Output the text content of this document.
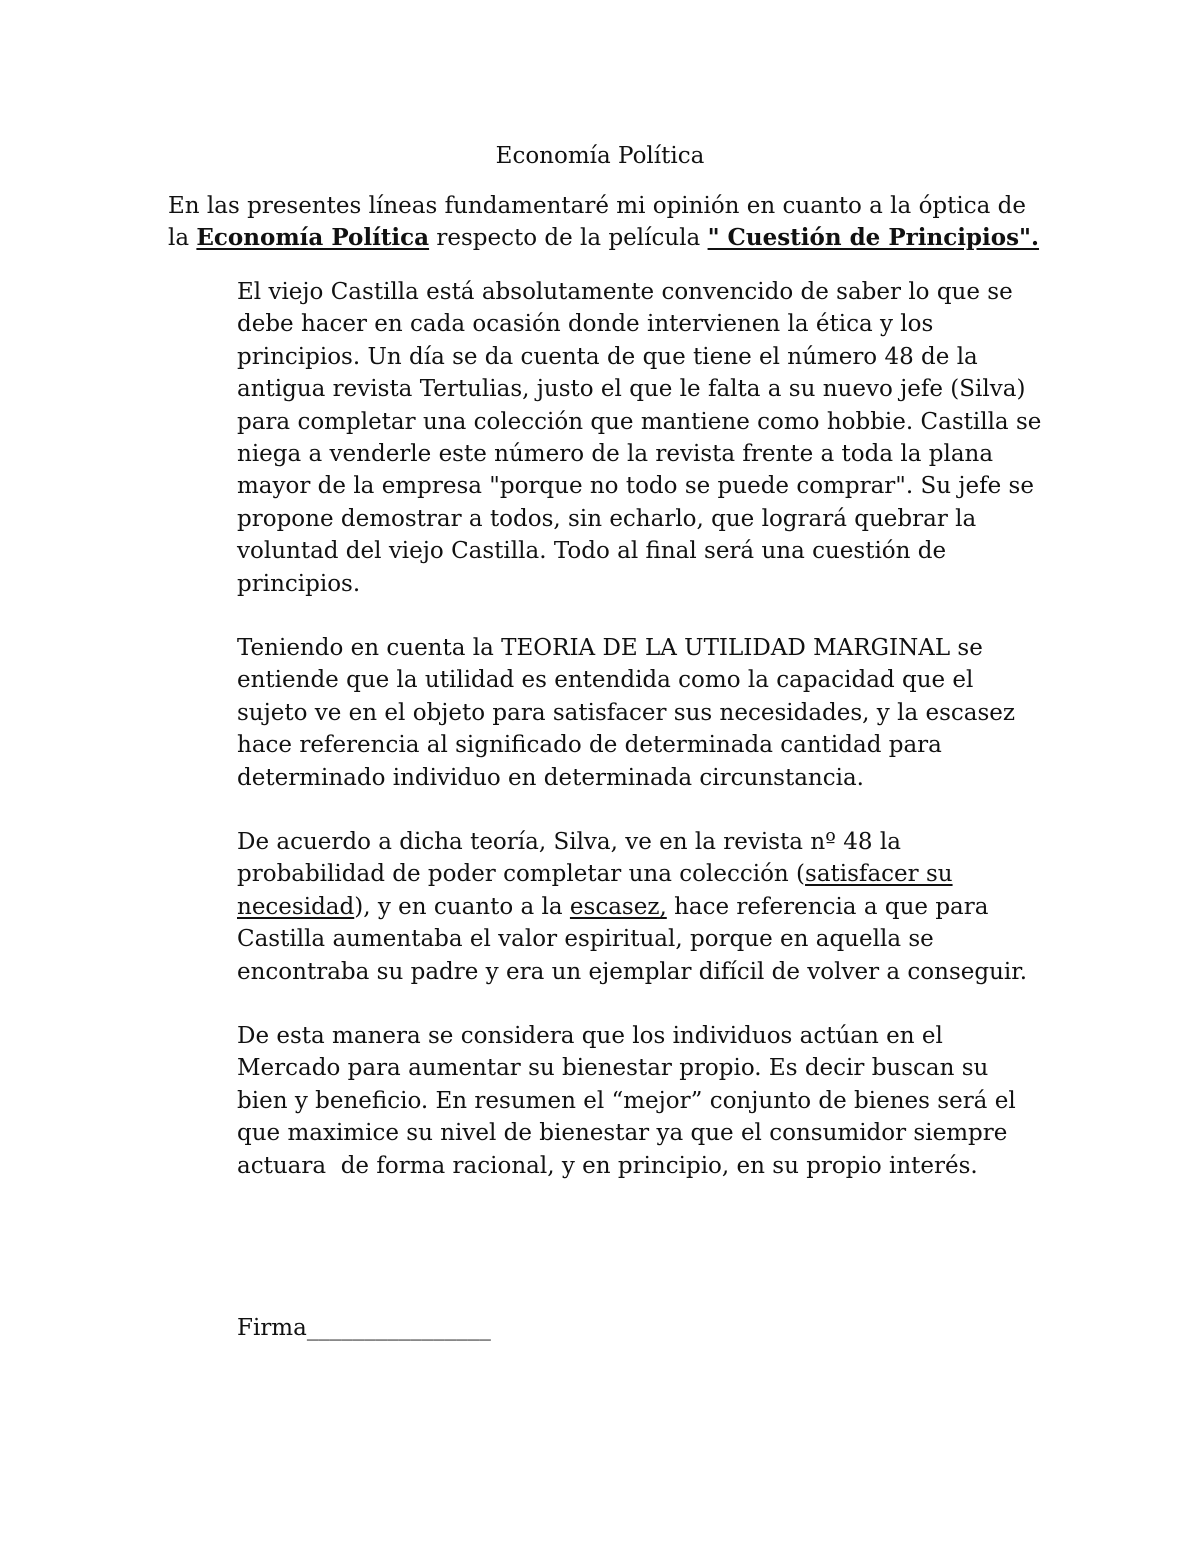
Economía Política
En las presentes líneas fundamentaré mi opinión en cuanto a la óptica de
la Economía Política respecto de la película " Cuestión de Principios".
El viejo Castilla está absolutamente convencido de saber lo que se
debe hacer en cada ocasión donde intervienen la ética y los
principios. Un día se da cuenta de que tiene el número 48 de la
antigua revista Tertulias, justo el que le falta a su nuevo jefe (Silva)
para completar una colección que mantiene como hobbie. Castilla se
niega a venderle este número de la revista frente a toda la plana
mayor de la empresa "porque no todo se puede comprar". Su jefe se
propone demostrar a todos, sin echarlo, que logrará quebrar la
voluntad del viejo Castilla. Todo al final será una cuestión de
principios.
Teniendo en cuenta la TEORIA DE LA UTILIDAD MARGINAL se
entiende que la utilidad es entendida como la capacidad que el
sujeto ve en el objeto para satisfacer sus necesidades, y la escasez
hace referencia al significado de determinada cantidad para
determinado individuo en determinada circunstancia.
De acuerdo a dicha teoría, Silva, ve en la revista nº 48 la
probabilidad de poder completar una colección (satisfacer su
necesidad), y en cuanto a la escasez, hace referencia a que para
Castilla aumentaba el valor espiritual, porque en aquella se
encontraba su padre y era un ejemplar difícil de volver a conseguir.
De esta manera se considera que los individuos actúan en el
Mercado para aumentar su bienestar propio. Es decir buscan su
bien y beneficio. En resumen el “mejor” conjunto de bienes será el
que maximice su nivel de bienestar ya que el consumidor siempre
actuara  de forma racional, y en principio, en su propio interés.
Firma________________
